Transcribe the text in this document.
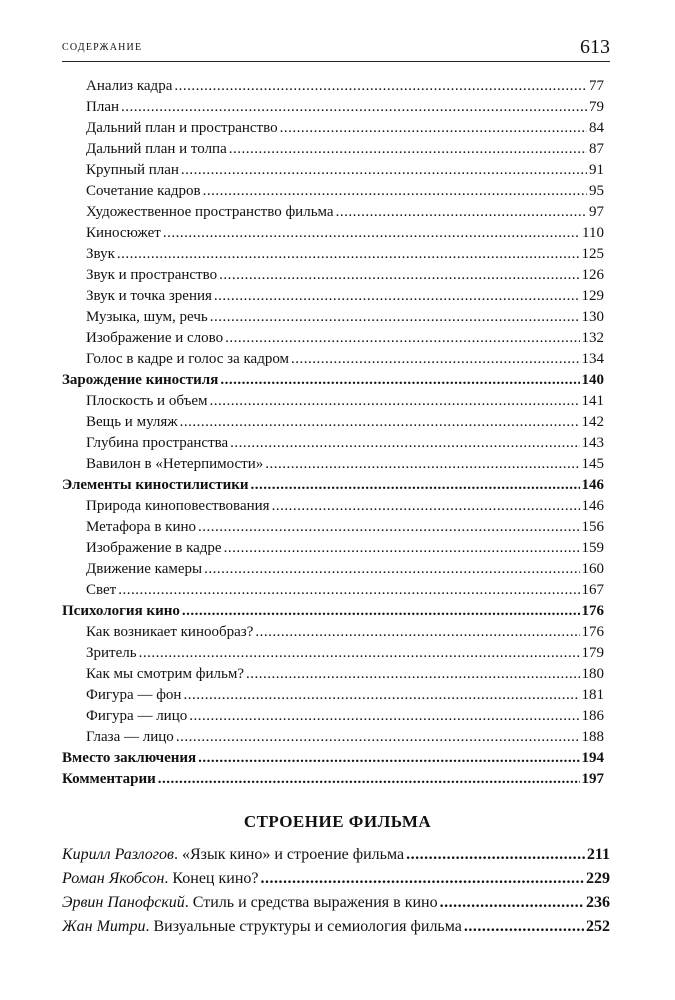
содержание	613
Анализ кадра .....	77
План .....	79
Дальний план и пространство .....	84
Дальний план и толпа .....	87
Крупный план .....	91
Сочетание кадров .....	95
Художественное пространство фильма .....	97
Киносюжет .....	110
Звук .....	125
Звук и пространство .....	126
Звук и точка зрения .....	129
Музыка, шум, речь .....	130
Изображение и слово .....	132
Голос в кадре и голос за кадром .....	134
Зарождение киностиля .....	140
Плоскость и объем .....	141
Вещь и муляж .....	142
Глубина пространства .....	143
Вавилон в «Нетерпимости» .....	145
Элементы киностилистики .....	146
Природа киноповествования .....	146
Метафора в кино .....	156
Изображение в кадре .....	159
Движение камеры .....	160
Свет .....	167
Психология кино .....	176
Как возникает кинообраз? .....	176
Зритель .....	179
Как мы смотрим фильм? .....	180
Фигура — фон .....	181
Фигура — лицо .....	186
Глаза — лицо .....	188
Вместо заключения .....	194
Комментарии .....	197
СТРОЕНИЕ ФИЛЬМА
Кирилл Разлогов. «Язык кино» и строение фильма .....	211
Роман Якобсон. Конец кино? .....	229
Эрвин Панофский. Стиль и средства выражения в кино .....	236
Жан Митри. Визуальные структуры и семиология фильма .....	252
